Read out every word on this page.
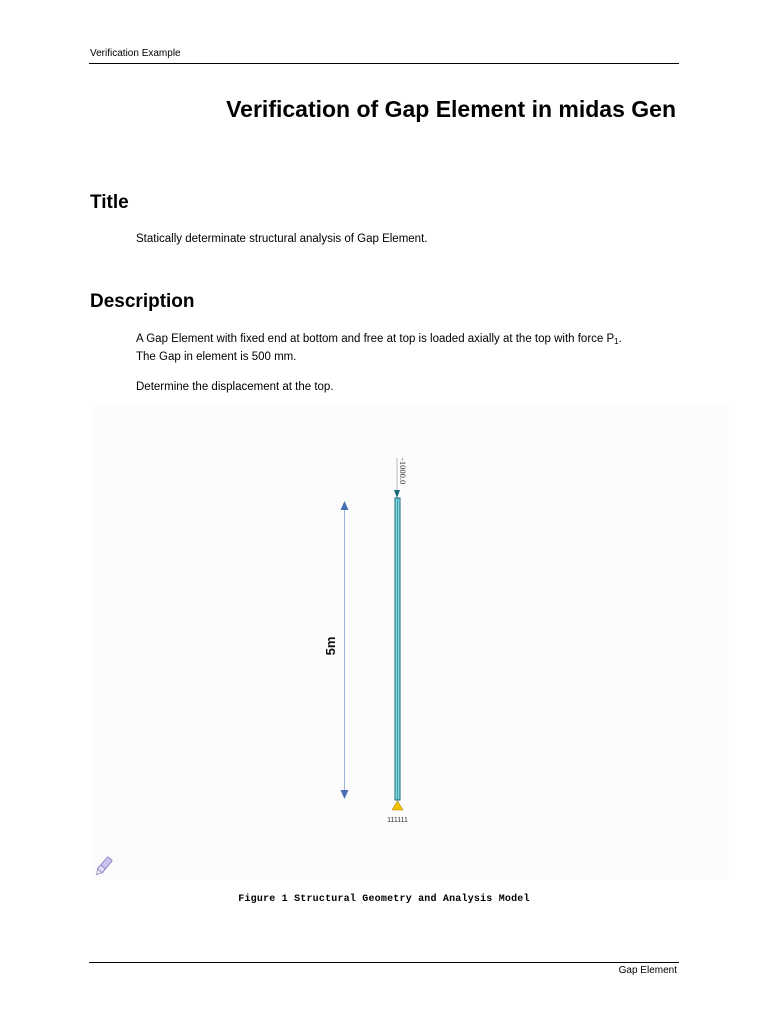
Verification Example
Verification of Gap Element in midas Gen
Title
Statically determinate structural analysis of Gap Element.
Description
A Gap Element with fixed end at bottom and free at top is loaded axially at the top with force $P_1$.
The Gap in element is 500 mm.
Determine the displacement at the top.
-1000.0
111111
5m
Figure 1 Structural Geometry and Analysis Model
Gap Element
